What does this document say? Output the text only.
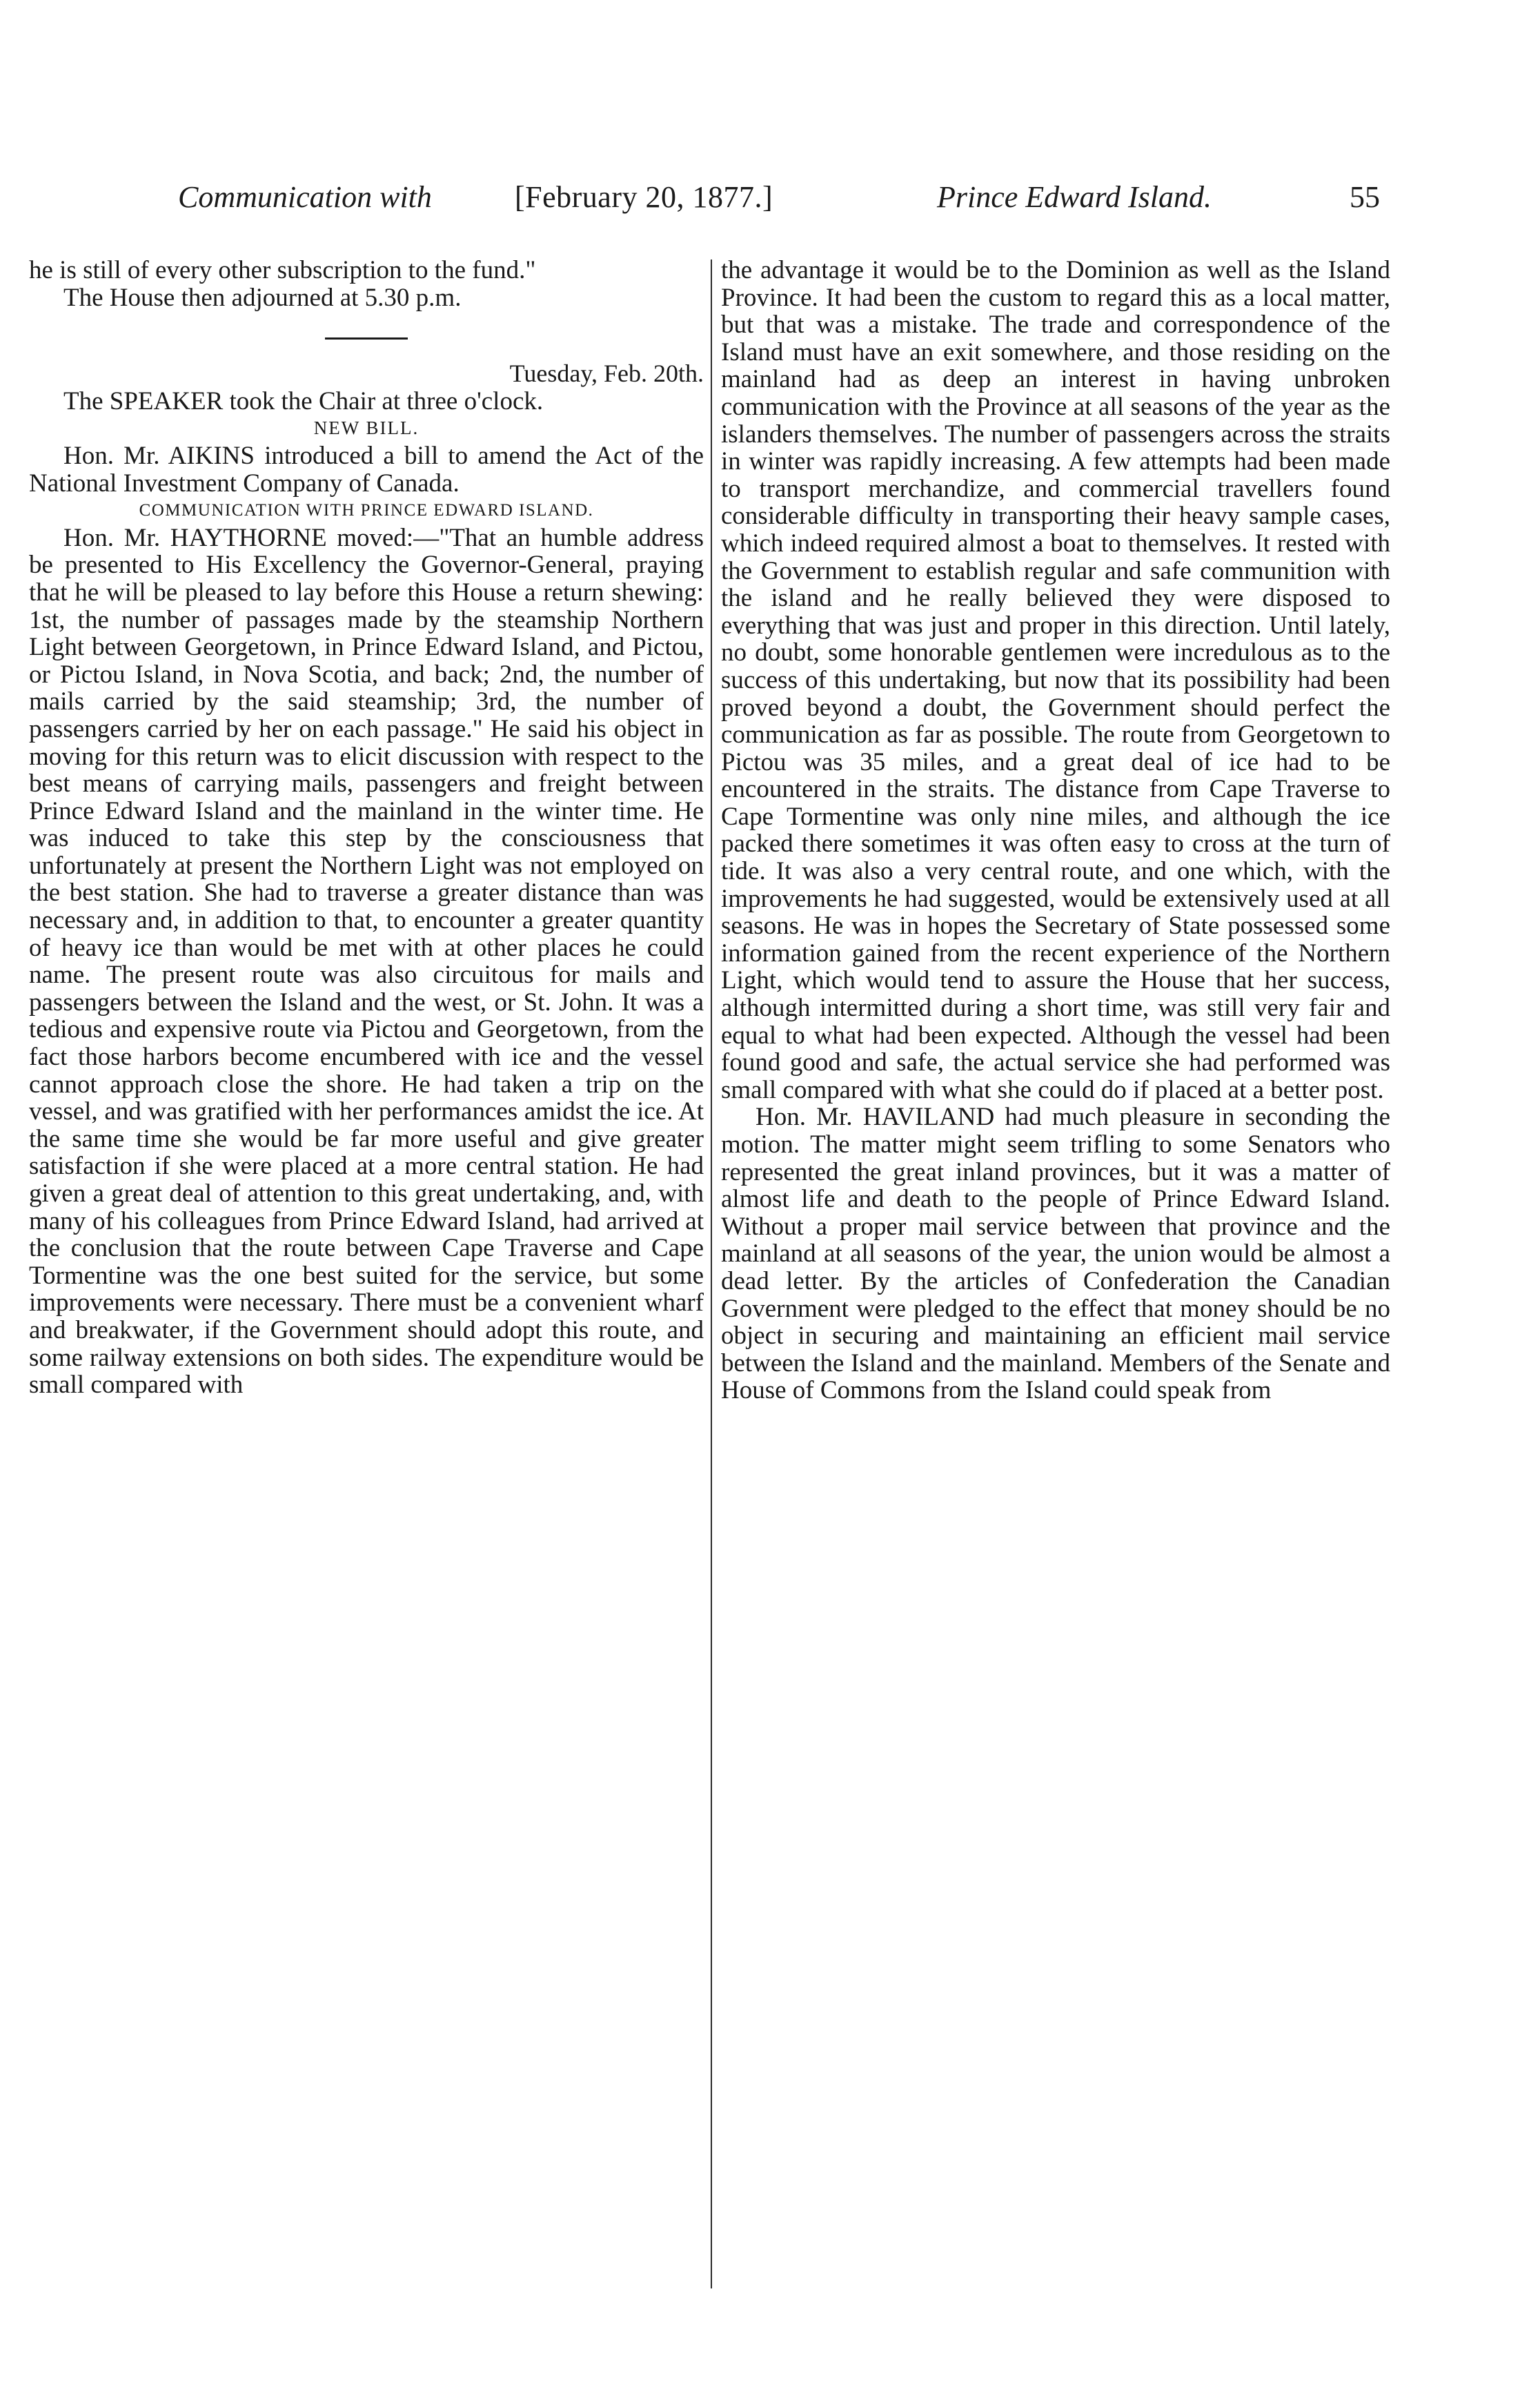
Communication with	[February 20, 1877.]	Prince Edward Island.	55

he is still of every other subscription to the fund."

The House then adjourned at 5.30 p.m.

Tuesday, Feb. 20th.

The SPEAKER took the Chair at three o'clock.

NEW BILL.

Hon. Mr. AIKINS introduced a bill to amend the Act of the National Investment Company of Canada.

COMMUNICATION WITH PRINCE EDWARD ISLAND.

Hon. Mr. HAYTHORNE moved:—"That an humble address be presented to His Excellency the Governor-General, praying that he will be pleased to lay before this House a return shewing: 1st, the number of passages made by the steamship Northern Light between Georgetown, in Prince Edward Island, and Pictou, or Pictou Island, in Nova Scotia, and back; 2nd, the number of mails carried by the said steamship; 3rd, the number of passengers carried by her on each passage." He said his object in moving for this return was to elicit discussion with respect to the best means of carrying mails, passengers and freight between Prince Edward Island and the mainland in the winter time. He was induced to take this step by the consciousness that unfortunately at present the Northern Light was not employed on the best station. She had to traverse a greater distance than was necessary and, in addition to that, to encounter a greater quantity of heavy ice than would be met with at other places he could name. The present route was also circuitous for mails and passengers between the Island and the west, or St. John. It was a tedious and expensive route via Pictou and Georgetown, from the fact those harbors become encumbered with ice and the vessel cannot approach close the shore. He had taken a trip on the vessel, and was gratified with her performances amidst the ice. At the same time she would be far more useful and give greater satisfaction if she were placed at a more central station. He had given a great deal of attention to this great undertaking, and, with many of his colleagues from Prince Edward Island, had arrived at the conclusion that the route between Cape Traverse and Cape Tormentine was the one best suited for the service, but some improvements were necessary. There must be a convenient wharf and breakwater, if the Government should adopt this route, and some railway extensions on both sides. The expenditure would be small compared with

the advantage it would be to the Dominion as well as the Island Province. It had been the custom to regard this as a local matter, but that was a mistake. The trade and correspondence of the Island must have an exit somewhere, and those residing on the mainland had as deep an interest in having unbroken communication with the Province at all seasons of the year as the islanders themselves. The number of passengers across the straits in winter was rapidly increasing. A few attempts had been made to transport merchandize, and commercial travellers found considerable difficulty in transporting their heavy sample cases, which indeed required almost a boat to themselves. It rested with the Government to establish regular and safe communition with the island and he really believed they were disposed to everything that was just and proper in this direction. Until lately, no doubt, some honorable gentlemen were incredulous as to the success of this undertaking, but now that its possibility had been proved beyond a doubt, the Government should perfect the communication as far as possible. The route from Georgetown to Pictou was 35 miles, and a great deal of ice had to be encountered in the straits. The distance from Cape Traverse to Cape Tormentine was only nine miles, and although the ice packed there sometimes it was often easy to cross at the turn of tide. It was also a very central route, and one which, with the improvements he had suggested, would be extensively used at all seasons. He was in hopes the Secretary of State possessed some information gained from the recent experience of the Northern Light, which would tend to assure the House that her success, although intermitted during a short time, was still very fair and equal to what had been expected. Although the vessel had been found good and safe, the actual service she had performed was small compared with what she could do if placed at a better post.

Hon. Mr. HAVILAND had much pleasure in seconding the motion. The matter might seem trifling to some Senators who represented the great inland provinces, but it was a matter of almost life and death to the people of Prince Edward Island. Without a proper mail service between that province and the mainland at all seasons of the year, the union would be almost a dead letter. By the articles of Confederation the Canadian Government were pledged to the effect that money should be no object in securing and maintaining an efficient mail service between the Island and the mainland. Members of the Senate and House of Commons from the Island could speak from
